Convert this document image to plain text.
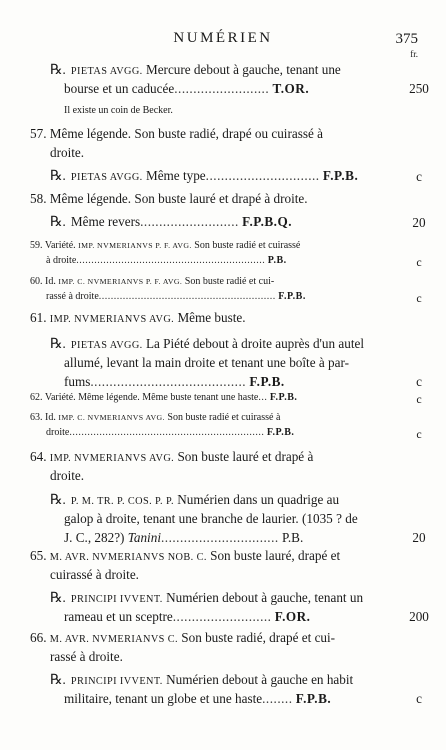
NUMÉRIEN	375
fr.
℞. PIETAS AVGG. Mercure debout à gauche, tenant une
bourse et un caducée......................... T.OR.	250
Il existe un coin de Becker.
57. Même légende. Son buste radié, drapé ou cuirassé à
droite.
℞. PIETAS AVGG. Même type.............................. F.P.B.	c
58. Même légende. Son buste lauré et drapé à droite.
℞. Même revers.......................... F.P.B.Q.	20
59. Variété. IMP. NVMERIANVS P. F. AVG. Son buste radié et cuirassé
à droite............................................................... P.B.	c
60. Id. IMP. C. NVMERIANVS P. F. AVG. Son buste radié et cui-
rassé à droite........................................................... F.P.B.	c
61. IMP. NVMERIANVS AVG. Même buste.
℞. PIETAS AVGG. La Piété debout à droite auprès d'un autel
allumé, levant la main droite et tenant une boîte à par-
fums......................................... F.P.B.	c
62. Variété. Même légende. Même buste tenant une haste... F.P.B.	c
63. Id. IMP. C. NVMERIANVS AVG. Son buste radié et cuirassé à
droite................................................................. F.P.B.	c
64. IMP. NVMERIANVS AVG. Son buste lauré et drapé à
droite.
℞. P. M. TR. P. COS. P. P. Numérien dans un quadrige au
galop à droite, tenant une branche de laurier. (1035 ? de
J. C., 282?) Tanini............................... P.B.	20
65. M. AVR. NVMERIANVS NOB. C. Son buste lauré, drapé et
cuirassé à droite.
℞. PRINCIPI IVVENT. Numérien debout à gauche, tenant un
rameau et un sceptre.......................... F.OR.	200
66. M. AVR. NVMERIANVS C. Son buste radié, drapé et cui-
rassé à droite.
℞. PRINCIPI IVVENT. Numérien debout à gauche en habit
militaire, tenant un globe et une haste........ F.P.B.	c
